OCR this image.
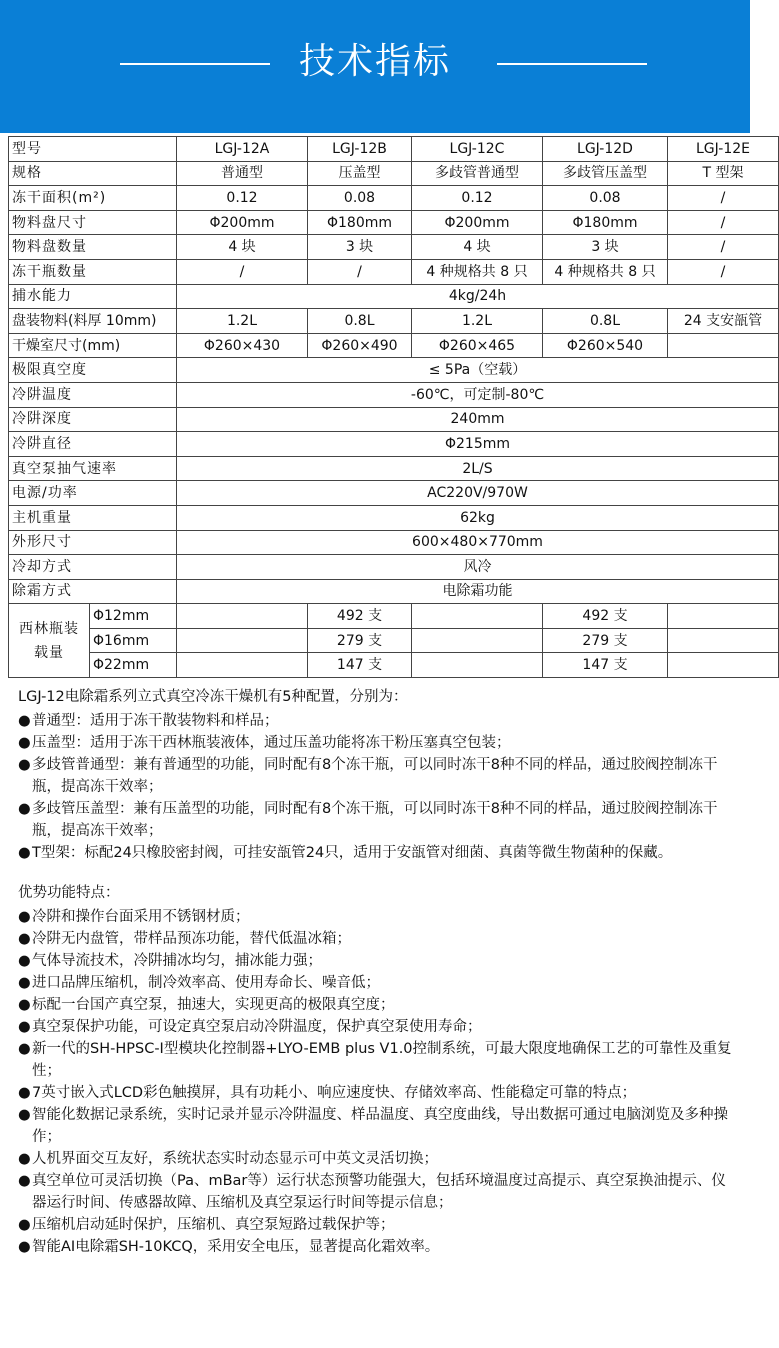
技术指标
型号		LGJ-12A	LGJ-12B	LGJ-12C	LGJ-12D	LGJ-12E
规格		普通型	压盖型	多歧管普通型	多歧管压盖型	T 型架
冻干面积(m²)		0.12	0.08	0.12	0.08	/
物料盘尺寸		Φ200mm	Φ180mm	Φ200mm	Φ180mm	/
物料盘数量		4 块	3 块	4 块	3 块	/
冻干瓶数量		/	/	4 种规格共 8 只	4 种规格共 8 只	/
捕水能力		4kg/24h				
盘装物料(料厚 10mm)		1.2L	0.8L	1.2L	0.8L	24 支安瓿管
干燥室尺寸(mm)		Φ260×430	Φ260×490	Φ260×465	Φ260×540	
极限真空度		≤ 5Pa（空载）				
冷阱温度		-60℃，可定制-80℃				
冷阱深度		240mm				
冷阱直径		Φ215mm				
真空泵抽气速率		2L/S				
电源/功率		AC220V/970W				
主机重量		62kg				
外形尺寸		600×480×770mm				
冷却方式		风冷				
除霜方式		电除霜功能				
西林瓶装载量	Φ12mm		492 支		492 支	
	Φ16mm		279 支		279 支	
	Φ22mm		147 支		147 支	
LGJ-12电除霜系列立式真空冷冻干燥机有5种配置，分别为：
● 普通型：适用于冻干散装物料和样品；
● 压盖型：适用于冻干西林瓶装液体，通过压盖功能将冻干粉压塞真空包装；
● 多歧管普通型：兼有普通型的功能，同时配有8个冻干瓶，可以同时冻干8种不同的样品，通过胶阀控制冻干瓶，提高冻干效率；
● 多歧管压盖型：兼有压盖型的功能，同时配有8个冻干瓶，可以同时冻干8种不同的样品，通过胶阀控制冻干瓶，提高冻干效率；
● T型架：标配24只橡胶密封阀，可挂安瓿管24只，适用于安瓿管对细菌、真菌等微生物菌种的保藏。
优势功能特点：
● 冷阱和操作台面采用不锈钢材质；
● 冷阱无内盘管，带样品预冻功能，替代低温冰箱；
● 气体导流技术，冷阱捕冰均匀，捕冰能力强；
● 进口品牌压缩机，制冷效率高、使用寿命长、噪音低；
● 标配一台国产真空泵，抽速大，实现更高的极限真空度；
● 真空泵保护功能，可设定真空泵启动冷阱温度，保护真空泵使用寿命；
● 新一代的SH-HPSC-I型模块化控制器+LYO-EMB plus V1.0控制系统，可最大限度地确保工艺的可靠性及重复性；
● 7英寸嵌入式LCD彩色触摸屏，具有功耗小、响应速度快、存储效率高、性能稳定可靠的特点；
● 智能化数据记录系统，实时记录并显示冷阱温度、样品温度、真空度曲线，导出数据可通过电脑浏览及多种操作；
● 人机界面交互友好，系统状态实时动态显示可中英文灵活切换；
● 真空单位可灵活切换（Pa、mBar等）运行状态预警功能强大，包括环境温度过高提示、真空泵换油提示、仪器运行时间、传感器故障、压缩机及真空泵运行时间等提示信息；
● 压缩机启动延时保护，压缩机、真空泵短路过载保护等；
● 智能AI电除霜SH-10KCQ，采用安全电压，显著提高化霜效率。
